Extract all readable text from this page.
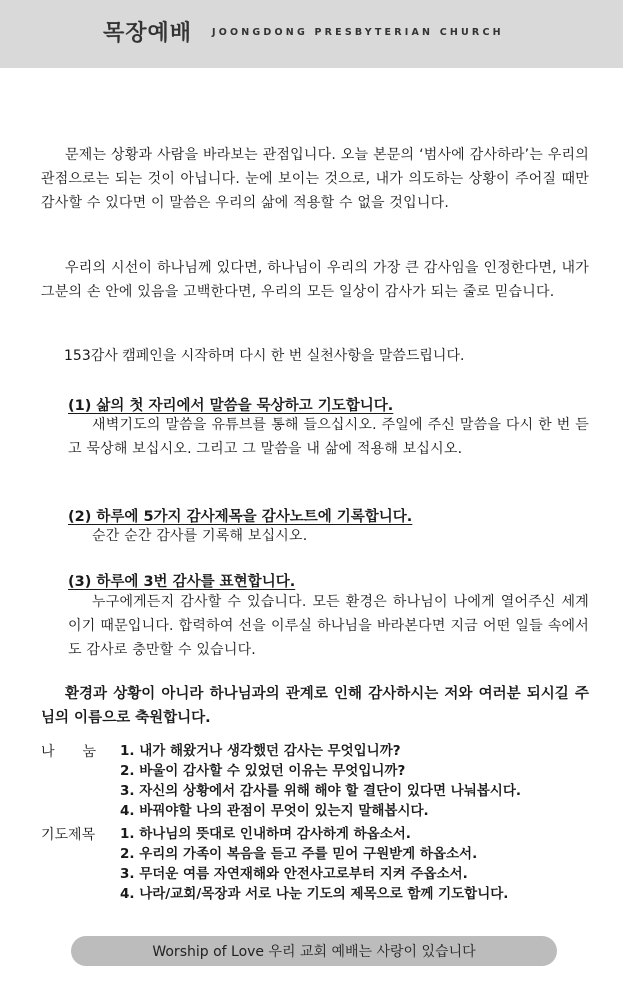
목장예배 JOONGDONG PRESBYTERIAN CHURCH

문제는 상황과 사람을 바라보는 관점입니다. 오늘 본문의 ‘범사에 감사하라’는 우리의 관점으로는 되는 것이 아닙니다. 눈에 보이는 것으로, 내가 의도하는 상황이 주어질 때만 감사할 수 있다면 이 말씀은 우리의 삶에 적용할 수 없을 것입니다.

우리의 시선이 하나님께 있다면, 하나님이 우리의 가장 큰 감사임을 인정한다면, 내가 그분의 손 안에 있음을 고백한다면, 우리의 모든 일상이 감사가 되는 줄로 믿습니다.

153감사 캠페인을 시작하며 다시 한 번 실천사항을 말씀드립니다.
(1) 삶의 첫 자리에서 말씀을 묵상하고 기도합니다.

새벽기도의 말씀을 유튜브를 통해 들으십시오. 주일에 주신 말씀을 다시 한 번 듣고 묵상해 보십시오. 그리고 그 말씀을 내 삶에 적용해 보십시오.

(2) 하루에 5가지 감사제목을 감사노트에 기록합니다.

순간 순간 감사를 기록해 보십시오.

(3) 하루에 3번 감사를 표현합니다.

누구에게든지 감사할 수 있습니다. 모든 환경은 하나님이 나에게 열어주신 세계이기 때문입니다. 합력하여 선을 이루실 하나님을 바라본다면 지금 어떤 일들 속에서도 감사로 충만할 수 있습니다.

환경과 상황이 아니라 하나님과의 관계로 인해 감사하시는 저와 여러분 되시길 주님의 이름으로 축원합니다.

나　　눔 1. 내가 해왔거나 생각했던 감사는 무엇입니까?
2. 바울이 감사할 수 있었던 이유는 무엇입니까?
3. 자신의 상황에서 감사를 위해 해야 할 결단이 있다면 나눠봅시다.
4. 바꿔야할 나의 관점이 무엇이 있는지 말해봅시다.
기도제목 1. 하나님의 뜻대로 인내하며 감사하게 하옵소서.
2. 우리의 가족이 복음을 듣고 주를 믿어 구원받게 하옵소서.
3. 무더운 여름 자연재해와 안전사고로부터 지켜 주옵소서.
4. 나라/교회/목장과 서로 나눈 기도의 제목으로 함께 기도합니다.
Worship of Love 우리 교회 예배는 사랑이 있습니다
